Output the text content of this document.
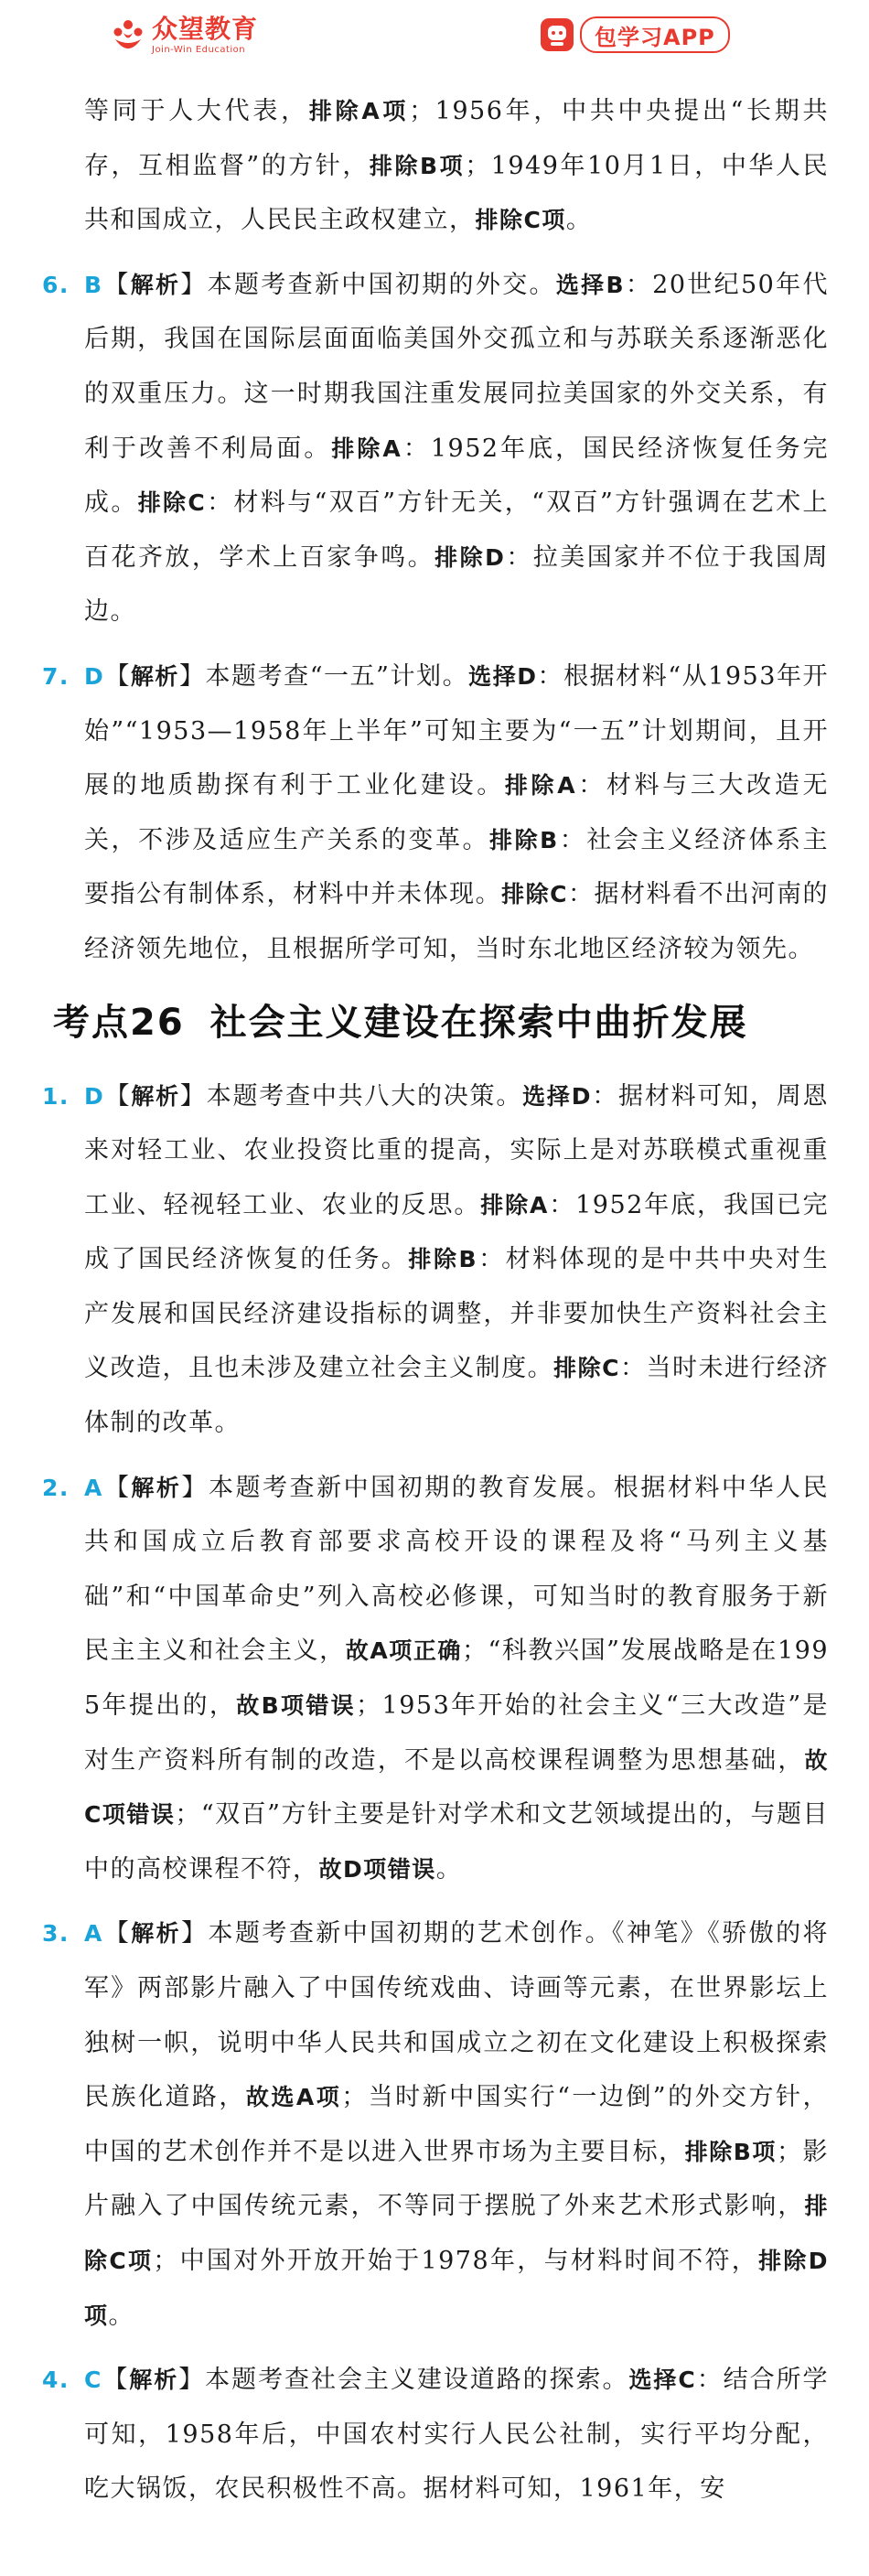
众望教育
Join-Win Education	包学习APP

等同于人大代表，排除A项；1956年，中共中央提出“长期共存，互相监督”的方针，排除B项；1949年10月1日，中华人民共和国成立，人民民主政权建立，排除C项。

6. B【解析】本题考查新中国初期的外交。选择B：20世纪50年代后期，我国在国际层面面临美国外交孤立和与苏联关系逐渐恶化的双重压力。这一时期我国注重发展同拉美国家的外交关系，有利于改善不利局面。排除A：1952年底，国民经济恢复任务完成。排除C：材料与“双百”方针无关，“双百”方针强调在艺术上百花齐放，学术上百家争鸣。排除D：拉美国家并不位于我国周边。
7. D【解析】本题考查“一五”计划。选择D：根据材料“从1953年开始”“1953—1958年上半年”可知主要为“一五”计划期间，且开展的地质勘探有利于工业化建设。排除A：材料与三大改造无关，不涉及适应生产关系的变革。排除B：社会主义经济体系主要指公有制体系，材料中并未体现。排除C：据材料看不出河南的经济领先地位，且根据所学可知，当时东北地区经济较为领先。
考点26 社会主义建设在探索中曲折发展
1. D【解析】本题考查中共八大的决策。选择D：据材料可知，周恩来对轻工业、农业投资比重的提高，实际上是对苏联模式重视重工业、轻视轻工业、农业的反思。排除A：1952年底，我国已完成了国民经济恢复的任务。排除B：材料体现的是中共中央对生产发展和国民经济建设指标的调整，并非要加快生产资料社会主义改造，且也未涉及建立社会主义制度。排除C：当时未进行经济体制的改革。
2. A【解析】本题考查新中国初期的教育发展。根据材料中华人民共和国成立后教育部要求高校开设的课程及将“马列主义基础”和“中国革命史”列入高校必修课，可知当时的教育服务于新民主主义和社会主义，故A项正确；“科教兴国”发展战略是在1995年提出的，故B项错误；1953年开始的社会主义“三大改造”是对生产资料所有制的改造，不是以高校课程调整为思想基础，故C项错误；“双百”方针主要是针对学术和文艺领域提出的，与题目中的高校课程不符，故D项错误。
3. A【解析】本题考查新中国初期的艺术创作。《神笔》《骄傲的将军》两部影片融入了中国传统戏曲、诗画等元素，在世界影坛上独树一帜，说明中华人民共和国成立之初在文化建设上积极探索民族化道路，故选A项；当时新中国实行“一边倒”的外交方针，中国的艺术创作并不是以进入世界市场为主要目标，排除B项；影片融入了中国传统元素，不等同于摆脱了外来艺术形式影响，排除C项；中国对外开放开始于1978年，与材料时间不符，排除D项。
4. C【解析】本题考查社会主义建设道路的探索。选择C：结合所学可知，1958年后，中国农村实行人民公社制，实行平均分配，吃大锅饭，农民积极性不高。据材料可知，1961年，安
